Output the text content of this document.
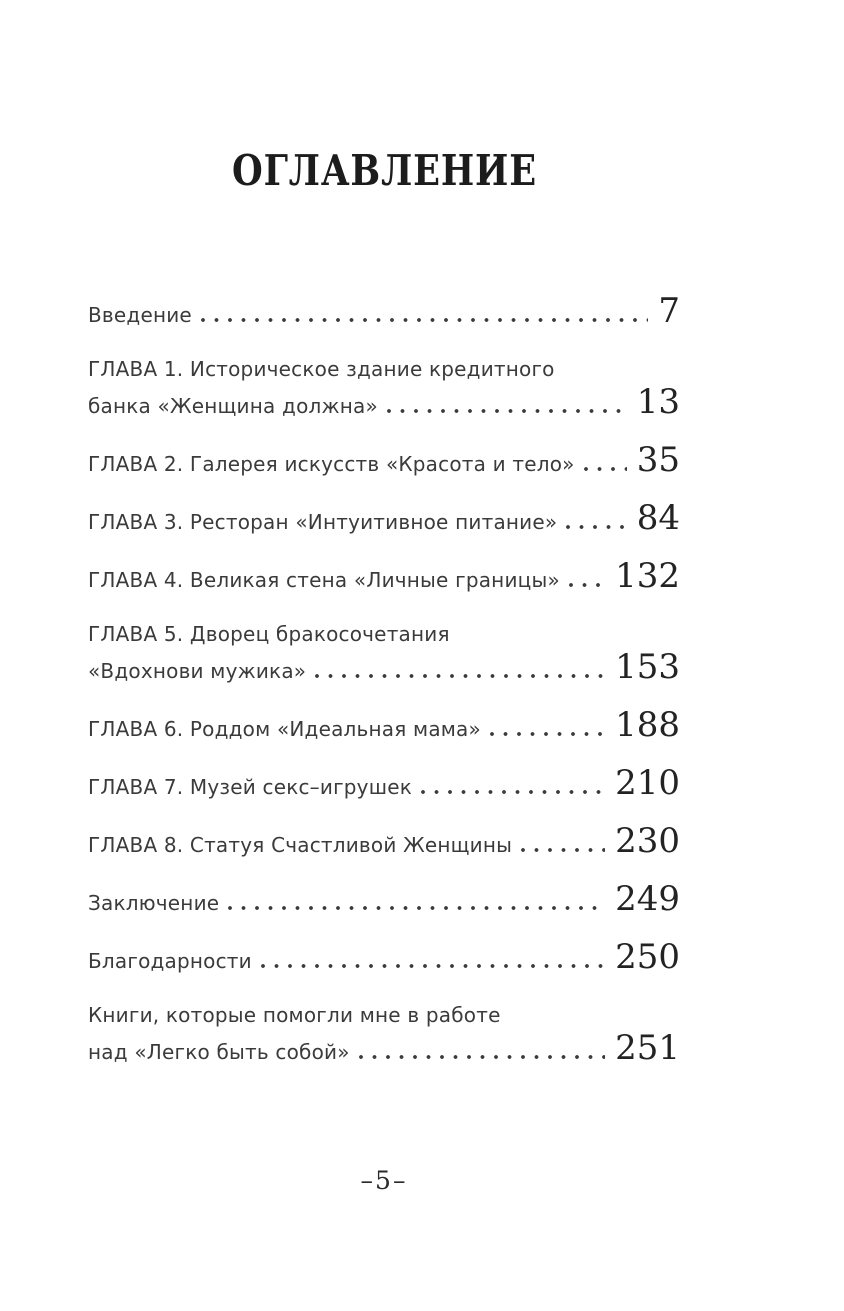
ОГЛАВЛЕНИЕ
Введение	7
ГЛАВА 1. Историческое здание кредитного
банка «Женщина должна»	13
ГЛАВА 2. Галерея искусств «Красота и тело» 35
ГЛАВА 3. Ресторан «Интуитивное питание» 84
ГЛАВА 4. Великая стена «Личные границы» 132
ГЛАВА 5. Дворец бракосочетания
«Вдохнови мужика»	153
ГЛАВА 6. Роддом «Идеальная мама»	188
ГЛАВА 7. Музей секс–игрушек	210
ГЛАВА 8. Статуя Счастливой Женщины	230
Заключение	249
Благодарности	250
Книги, которые помогли мне в работе
над «Легко быть собой»	251
–5–
